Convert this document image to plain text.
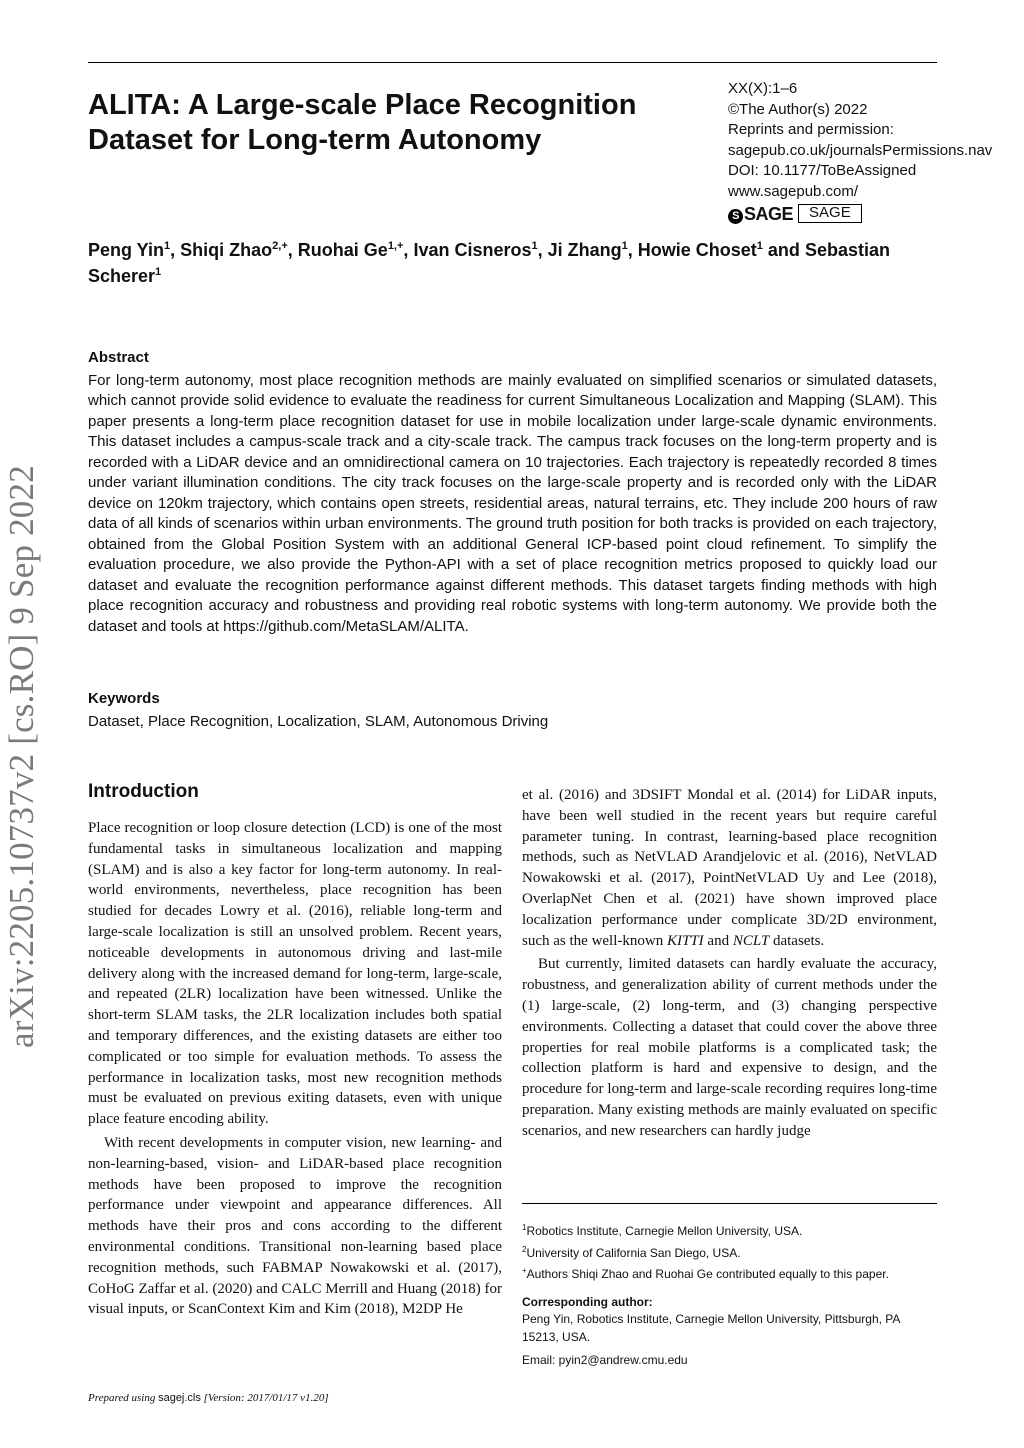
ALITA: A Large-scale Place Recognition Dataset for Long-term Autonomy
XX(X):1–6
©The Author(s) 2022
Reprints and permission:
sagepub.co.uk/journalsPermissions.nav
DOI: 10.1177/ToBeAssigned
www.sagepub.com/
S SAGE	SAGE
Peng Yin$^1$, Shiqi Zhao$^{2,+}$, Ruohai $Ge^{1,+}$, Ivan Cisneros$^1$, Ji Zhang$^1$, Howie Choset$^1$ and Sebastian Scherer$^1$
Abstract
For long-term autonomy, most place recognition methods are mainly evaluated on simplified scenarios or simulated datasets, which cannot provide solid evidence to evaluate the readiness for current Simultaneous Localization and Mapping (SLAM). This paper presents a long-term place recognition dataset for use in mobile localization under large-scale dynamic environments. This dataset includes a campus-scale track and a city-scale track. The campus track focuses on the long-term property and is recorded with a LiDAR device and an omnidirectional camera on 10 trajectories. Each trajectory is repeatedly recorded 8 times under variant illumination conditions. The city track focuses on the large-scale property and is recorded only with the LiDAR device on 120km trajectory, which contains open streets, residential areas, natural terrains, etc. They include 200 hours of raw data of all kinds of scenarios within urban environments. The ground truth position for both tracks is provided on each trajectory, obtained from the Global Position System with an additional General ICP-based point cloud refinement. To simplify the evaluation procedure, we also provide the Python-API with a set of place recognition metrics proposed to quickly load our dataset and evaluate the recognition performance against different methods. This dataset targets finding methods with high place recognition accuracy and robustness and providing real robotic systems with long-term autonomy. We provide both the dataset and tools at https://github.com/MetaSLAM/ALITA.
Keywords
Dataset, Place Recognition, Localization, SLAM, Autonomous Driving
arXiv:2205.10737v2 [cs.RO] 9 Sep 2022 Introduction

Place recognition or loop closure detection (LCD) is one of the most fundamental tasks in simultaneous localization and mapping (SLAM) and is also a key factor for long-term autonomy. In real-world environments, nevertheless, place recognition has been studied for decades Lowry et al. (2016), reliable long-term and large-scale localization is still an unsolved problem. Recent years, noticeable developments in autonomous driving and last-mile delivery along with the increased demand for long-term, large-scale, and repeated (2LR) localization have been witnessed. Unlike the short-term SLAM tasks, the 2LR localization includes both spatial and temporary differences, and the existing datasets are either too complicated or too simple for evaluation methods. To assess the performance in localization tasks, most new recognition methods must be evaluated on previous exiting datasets, even with unique place feature encoding ability.

With recent developments in computer vision, new learning- and non-learning-based, vision- and LiDAR-based place recognition methods have been proposed to improve the recognition performance under viewpoint and appearance differences. All methods have their pros and cons according to the different environmental conditions. Transitional non-learning based place recognition methods, such FABMAP Nowakowski et al. (2017), CoHoG Zaffar et al. (2020) and CALC Merrill and Huang (2018) for visual inputs, or ScanContext Kim and Kim (2018), M2DP He

et al. (2016) and 3DSIFT Mondal et al. (2014) for LiDAR inputs, have been well studied in the recent years but require careful parameter tuning. In contrast, learning-based place recognition methods, such as NetVLAD Arandjelovic et al. (2016), NetVLAD Nowakowski et al. (2017), PointNetVLAD Uy and Lee (2018), OverlapNet Chen et al. (2021) have shown improved place localization performance under complicate 3D/2D environment, such as the well-known KITTI and NCLT datasets.

But currently, limited datasets can hardly evaluate the accuracy, robustness, and generalization ability of current methods under the (1) large-scale, (2) long-term, and (3) changing perspective environments. Collecting a dataset that could cover the above three properties for real mobile platforms is a complicated task; the collection platform is hard and expensive to design, and the procedure for long-term and large-scale recording requires long-time preparation. Many existing methods are mainly evaluated on specific scenarios, and new researchers can hardly judge

$^1$Robotics Institute, Carnegie Mellon University, USA.
$^2$University of California San Diego, USA.
+Authors Shiqi Zhao and Ruohai Ge contributed equally to this paper.
Corresponding author:
Peng Yin, Robotics Institute, Carnegie Mellon University, Pittsburgh, PA 15213, USA.
Email: pyin2@andrew.cmu.edu
Prepared using sagej.cls [Version: 2017/01/17 v1.20]
